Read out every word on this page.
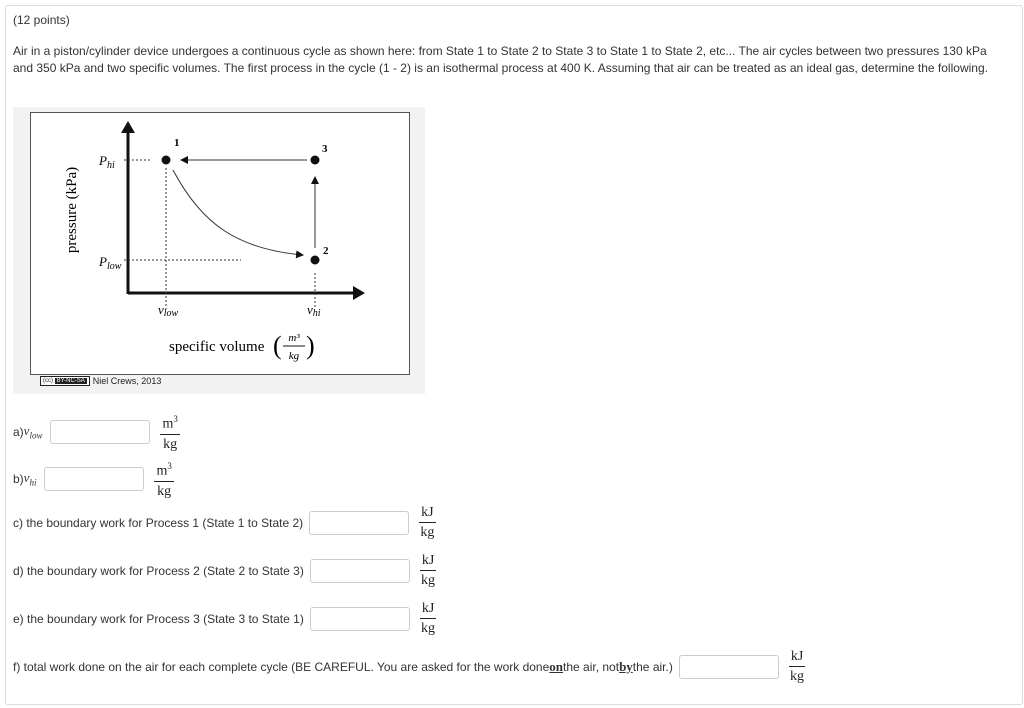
(12 points)
Air in a piston/cylinder device undergoes a continuous cycle as shown here: from State 1 to State 2 to State 3 to State 1 to State 2, etc... The air cycles between two pressures 130 kPa and 350 kPa and two specific volumes. The first process in the cycle (1 - 2) is an isothermal process at 400 K. Assuming that air can be treated as an ideal gas, determine the following.
1
2
3
$P_{hi}$
$P_{low}$
vlow	vhi
pressure (kPa)
specific volume ( m³
kg )
(cc) BY-NC-SA Niel Crews, 2013
a) $v_{low}$	$\frac{m^3}{kg}$
b) $v_{hi}$	$\frac{m^3}{kg}$
c) the boundary work for Process 1 (State 1 to State 2)	$\frac{kJ}{kg}$
d) the boundary work for Process 2 (State 2 to State 3)	$\frac{kJ}{kg}$
e) the boundary work for Process 3 (State 3 to State 1)	$\frac{kJ}{kg}$
f) total work done on the air for each complete cycle (BE CAREFUL. You are asked for the work done on the air, not by the air.)	$\frac{kJ}{kg}$
